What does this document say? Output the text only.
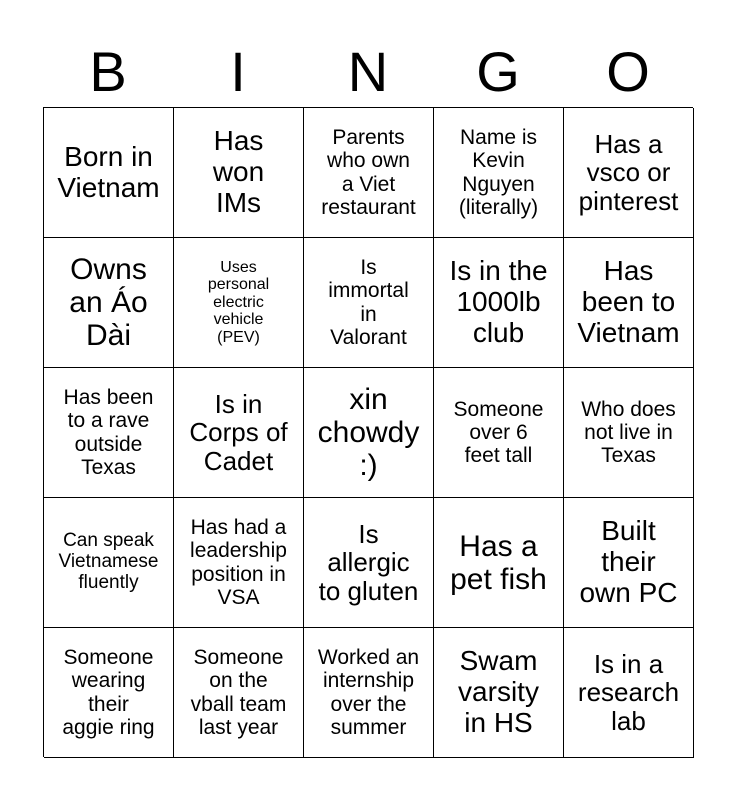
B	I	N	G	O
Born in
Vietnam
Has
won
IMs
Parents
who own
a Viet
restaurant
Name is
Kevin
Nguyen
(literally)
Has a
vsco or
pinterest
Owns
an Áo
Dài
Uses
personal
electric
vehicle
(PEV)
Is
immortal
in
Valorant
Is in the
1000lb
club
Has
been to
Vietnam
Has been
to a rave
outside
Texas
Is in
Corps of
Cadet
xin
chowdy
:)
Someone
over 6
feet tall
Who does
not live in
Texas
Can speak
Vietnamese
fluently
Has had a
leadership
position in
VSA
Is
allergic
to gluten
Has a
pet fish
Built
their
own PC
Someone
wearing
their
aggie ring
Someone
on the
vball team
last year
Worked an
internship
over the
summer
Swam
varsity
in HS
Is in a
research
lab
